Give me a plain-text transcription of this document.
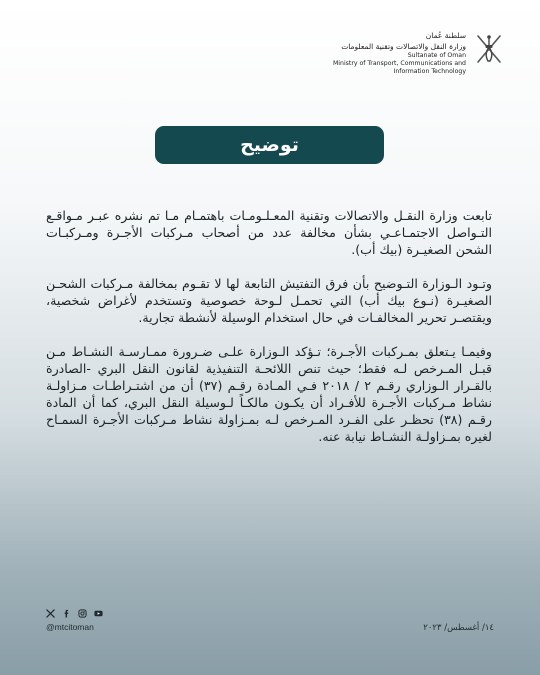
سلطنة عُمان
وزارة النقل والاتصالات وتقنية المعلومات
Sultanate of Oman
Ministry of Transport, Communications and
Information Technology
توضيح

تابعت وزارة النقـل والاتصالات وتقنية المعـلـومـات باهتمـام مـا تم نشره عبـر مـواقـع التـواصل الاجتمـاعـي بشأن مخالفة عدد من أصحاب مـركبات الأجـرة ومـركبـات الشحن الصغيـرة (بيك أب).

وتـود الـوزارة التـوضيح بأن فرق التفتيش التابعة لها لا تقـوم بمخالفة مـركبات الشحـن الصغيـرة (نـوع بيك أب) التي تحمـل لـوحة خصوصية وتستخدم لأغراض شخصية، ويقتصـر تحرير المخالفـات في حال استخدام الوسيلة لأنشطة تجارية.

وفيمـا يـتعلق بمـركبات الأجـرة؛ تـؤكد الـوزارة علـى ضـرورة ممـارسـة النشـاط مـن قبـل المـرخص لـه فقط؛ حيث تنص اللائحـة التنفيذية لقانون النقل البري -الصادرة بالقـرار الـوزاري رقـم ٢ / ٢٠١٨ فـي المـادة رقـم (٣٧) أن من اشتـراطـات مـزاولـة نشاط مـركبات الأجـرة للأفـراد أن يكـون مالكـاً لـوسيلة النقل البري، كما أن المادة رقـم (٣٨) تحظـر على الفـرد المـرخص لـه بمـزاولة نشاط مـركبات الأجـرة السمـاح لغيره بمـزاولـة النشـاط نيابة عنه.

@mtcitoman	١٤/ أغسطس/ ٢٠٢٣
